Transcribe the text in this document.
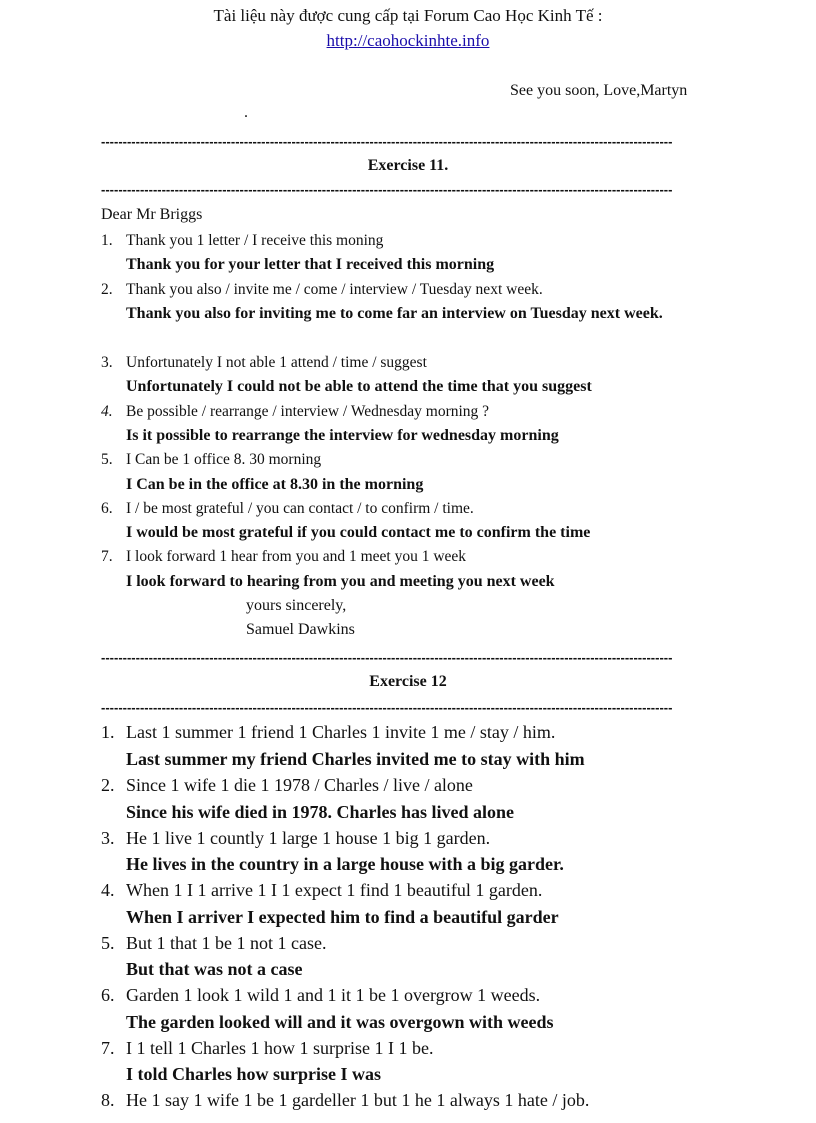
Tài liệu này được cung cấp tại Forum Cao Học Kinh Tế :
http://caohockinhte.info
See you soon, Love,Martyn
.
------------------------------------------------------------------------------------------------------------------------------------
Exercise 11.
------------------------------------------------------------------------------------------------------------------------------------
Dear Mr Briggs
1. Thank you 1 letter / I receive this moning
Thank you for your letter that I received this morning
2. Thank you also / invite me / come / interview / Tuesday next week.
Thank you also for inviting me to come far an interview on Tuesday next week.
3. Unfortunately I not able 1 attend / time / suggest
Unfortunately I could not be able to attend the time that you suggest
4. Be possible / rearrange / interview / Wednesday morning ?
Is it possible to rearrange the interview for wednesday morning
5. I Can be 1 office 8. 30 morning
I Can be in the office at 8.30 in the morning
6. I / be most grateful / you can contact / to confirm / time.
I would be most grateful if you could contact me to confirm the time
7. I look forward 1 hear from you and 1 meet you 1 week
I look forward to hearing from you and meeting you next week
yours sincerely,
Samuel Dawkins
------------------------------------------------------------------------------------------------------------------------------------
Exercise 12
------------------------------------------------------------------------------------------------------------------------------------
1. Last 1 summer 1 friend 1 Charles 1 invite 1 me / stay / him.
Last summer my friend Charles invited me to stay with him
2. Since 1 wife 1 die 1 1978 / Charles / live / alone
Since his wife died in 1978. Charles has lived alone
3. He 1 live 1 countly 1 large 1 house 1 big 1 garden.
He lives in the country in a large house with a big garder.
4. When 1 I 1 arrive 1 I 1 expect 1 find 1 beautiful 1 garden.
When I arriver I expected him to find a beautiful garder
5. But 1 that 1 be 1 not 1 case.
But that was not a case
6. Garden 1 look 1 wild 1 and 1 it 1 be 1 overgrow 1 weeds.
The garden looked will and it was overgown with weeds
7. I 1 tell 1 Charles 1 how 1 surprise 1 I 1 be.
I told Charles how surprise I was
8. He 1 say 1 wife 1 be 1 gardeller 1 but 1 he 1 always 1 hate / job.
